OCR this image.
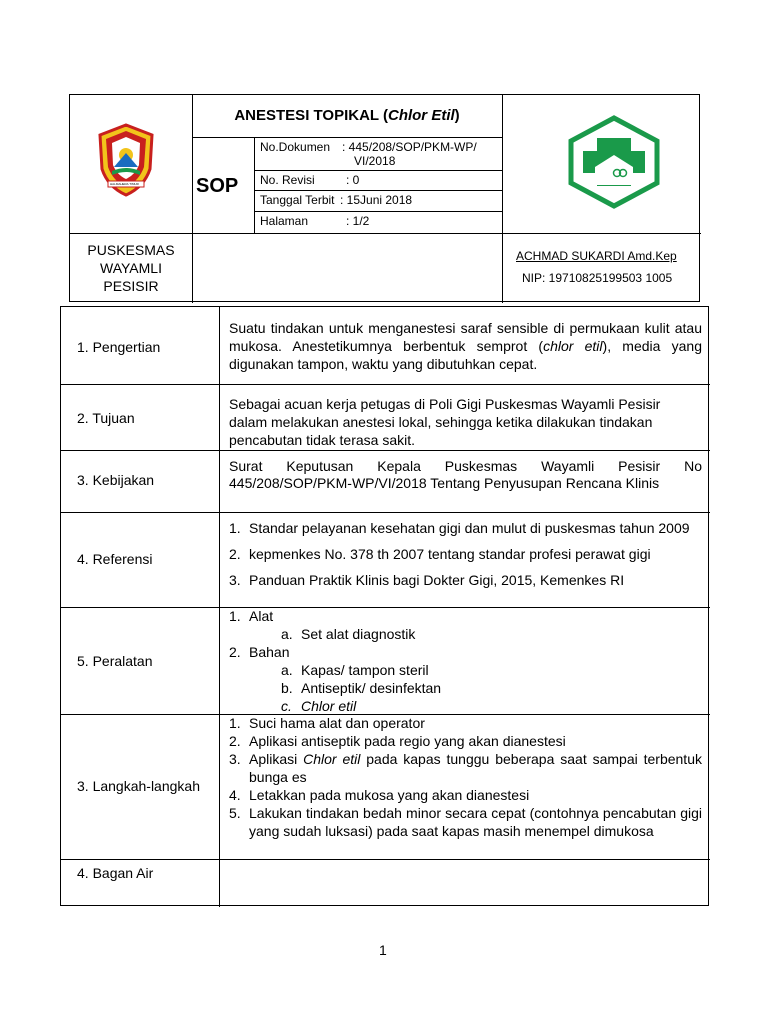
HALMAHERA TIMUR
ANESTESI TOPIKAL (Chlor Etil)
SOP
No.Dokumen : 445/208/SOP/PKM-WP/
VI/2018
No. Revisi	: 0
Tanggal Terbit : 15Juni 2018
Halaman	: 1/2
PUSKESMAS
WAYAMLI
PESISIR
ACHMAD SUKARDI Amd.Kep
NIP: 19710825199503 1005
1. Pengertian
Suatu tindakan untuk menganestesi saraf sensible di permukaan kulit atau mukosa. Anestetikumnya berbentuk semprot (chlor etil), media yang digunakan tampon, waktu yang dibutuhkan cepat.
2. Tujuan
Sebagai acuan kerja petugas di Poli Gigi Puskesmas Wayamli Pesisir dalam melakukan anestesi lokal, sehingga ketika dilakukan tindakan pencabutan tidak terasa sakit.
3. Kebijakan
Surat Keputusan Kepala Puskesmas Wayamli Pesisir No 445/208/SOP/PKM-WP/VI/2018 Tentang Penyusupan Rencana Klinis
4. Referensi
1. Standar pelayanan kesehatan gigi dan mulut di puskesmas tahun 2009
2. kepmenkes No. 378 th 2007 tentang standar profesi perawat gigi
3. Panduan Praktik Klinis bagi Dokter Gigi, 2015, Kemenkes RI
5. Peralatan
1. Alat
a. Set alat diagnostik
2. Bahan
a. Kapas/ tampon steril
b. Antiseptik/ desinfektan
c. Chlor etil
3. Langkah-langkah
1. Suci hama alat dan operator
2. Aplikasi antiseptik pada regio yang akan dianestesi
3. Aplikasi Chlor etil pada kapas tunggu beberapa saat sampai terbentuk bunga es
4. Letakkan pada mukosa yang akan dianestesi
5. Lakukan tindakan bedah minor secara cepat (contohnya pencabutan gigi yang sudah luksasi) pada saat kapas masih menempel dimukosa
4. Bagan Air
1
